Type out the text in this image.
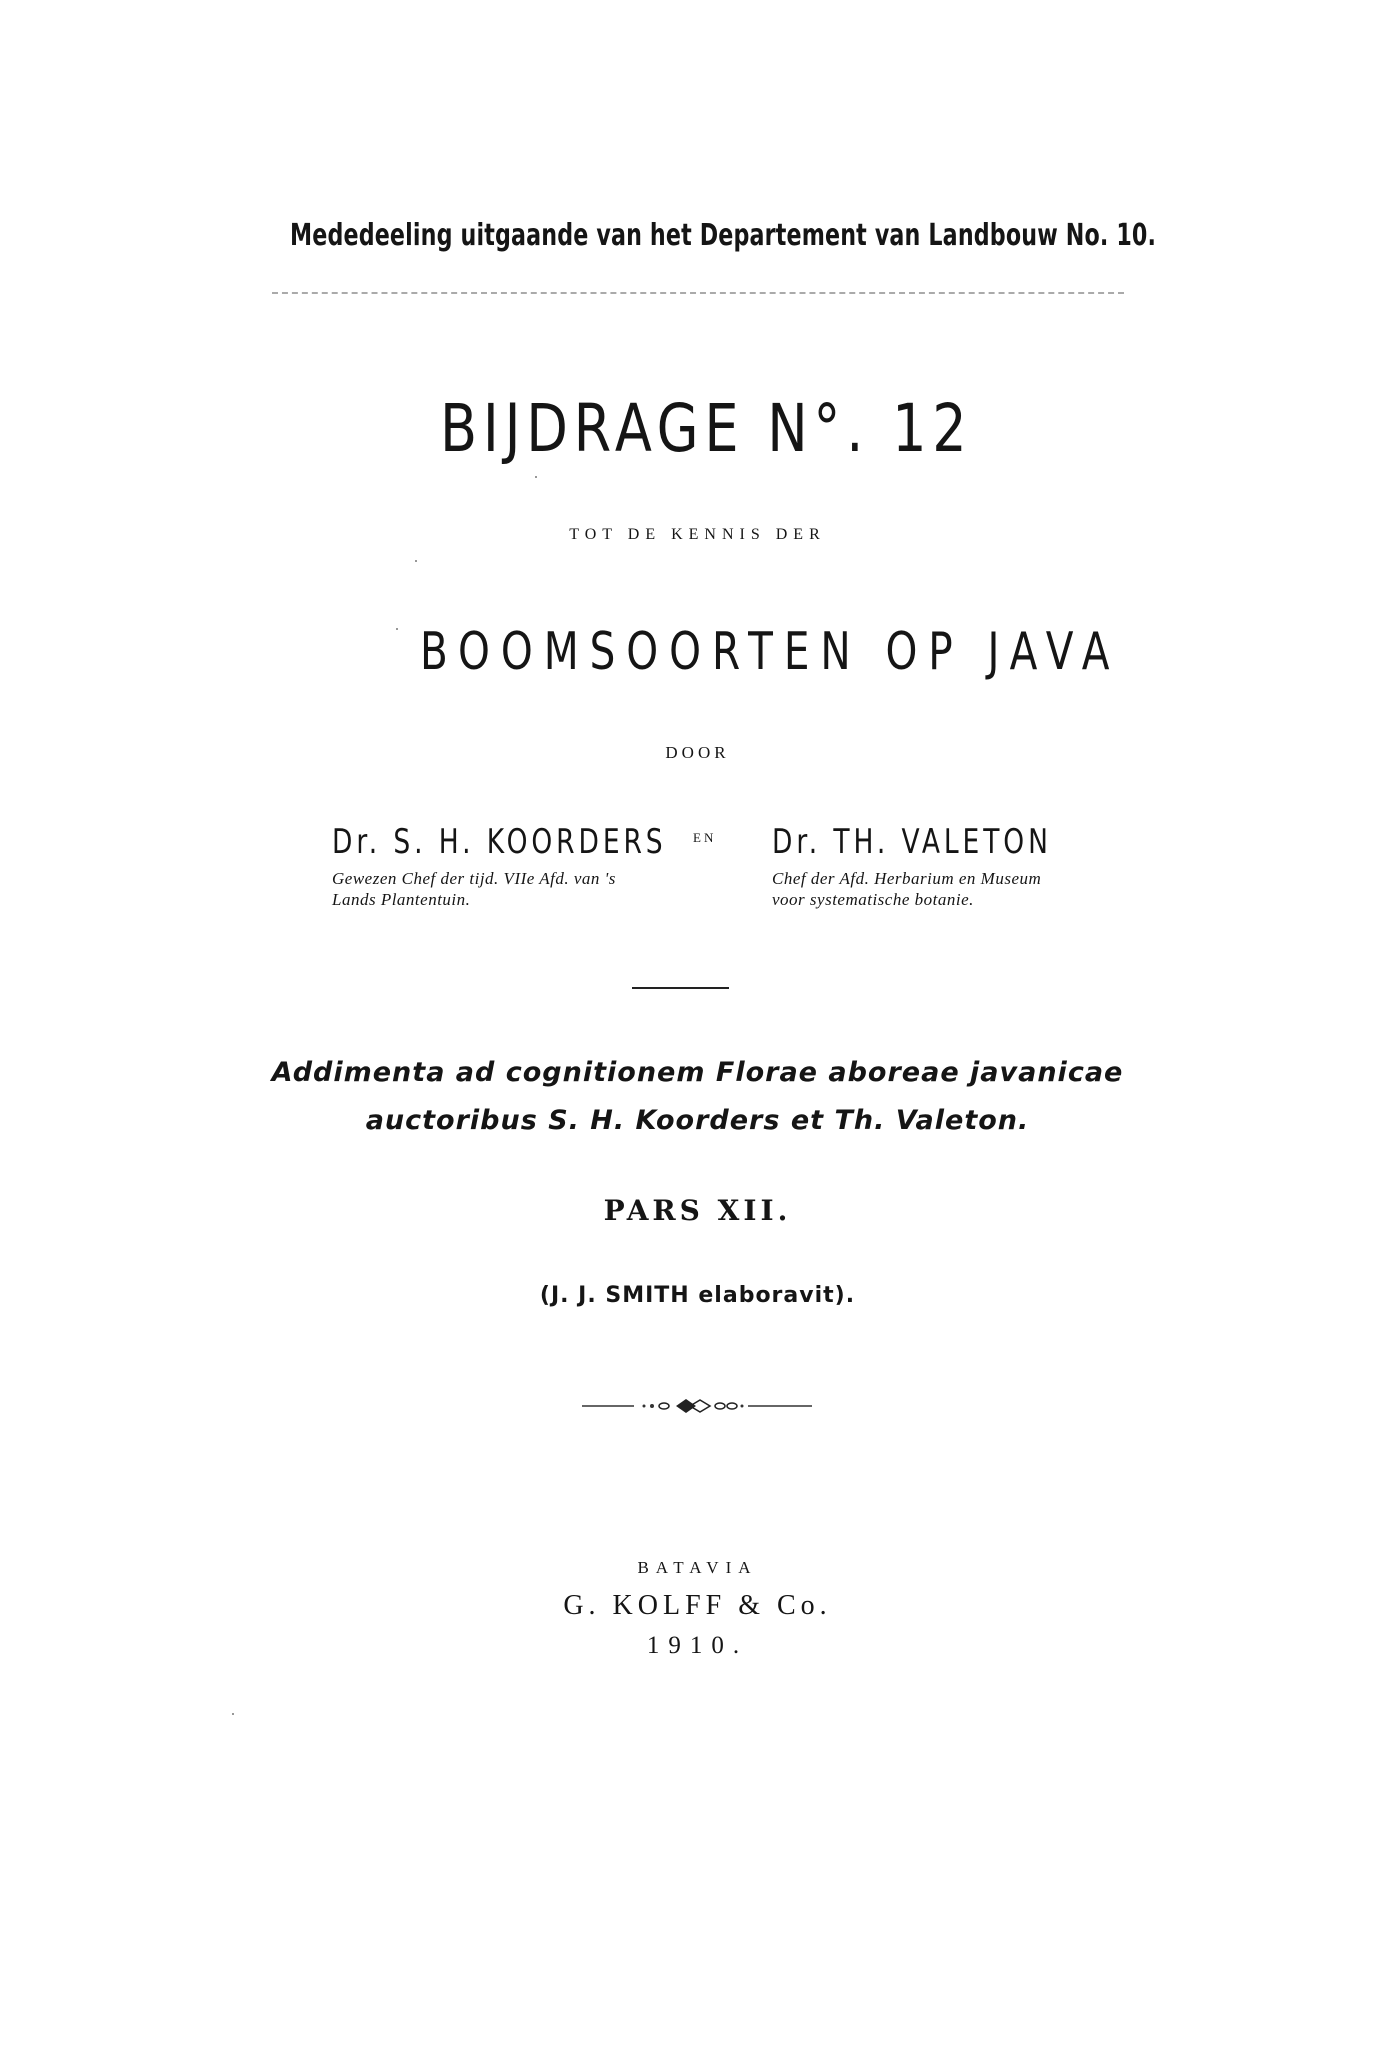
Mededeeling uitgaande van het Departement van Landbouw No. 10.
BIJDRAGE N°. 12
TOT DE KENNIS DER
BOOMSOORTEN OP JAVA
DOOR
Dr. S. H. KOORDERS
Gewezen Chef der tijd. VIIe Afd. van 's Lands Plantentuin.
EN Dr. TH. VALETON
Chef der Afd. Herbarium en Museum voor systematische botanie.
Addimenta ad cognitionem Florae aboreae javanicae
auctoribus S. H. Koorders et Th. Valeton.
PARS XII.
(J. J. SMITH elaboravit).
BATAVIA
G. KOLFF & Co.
1910.
